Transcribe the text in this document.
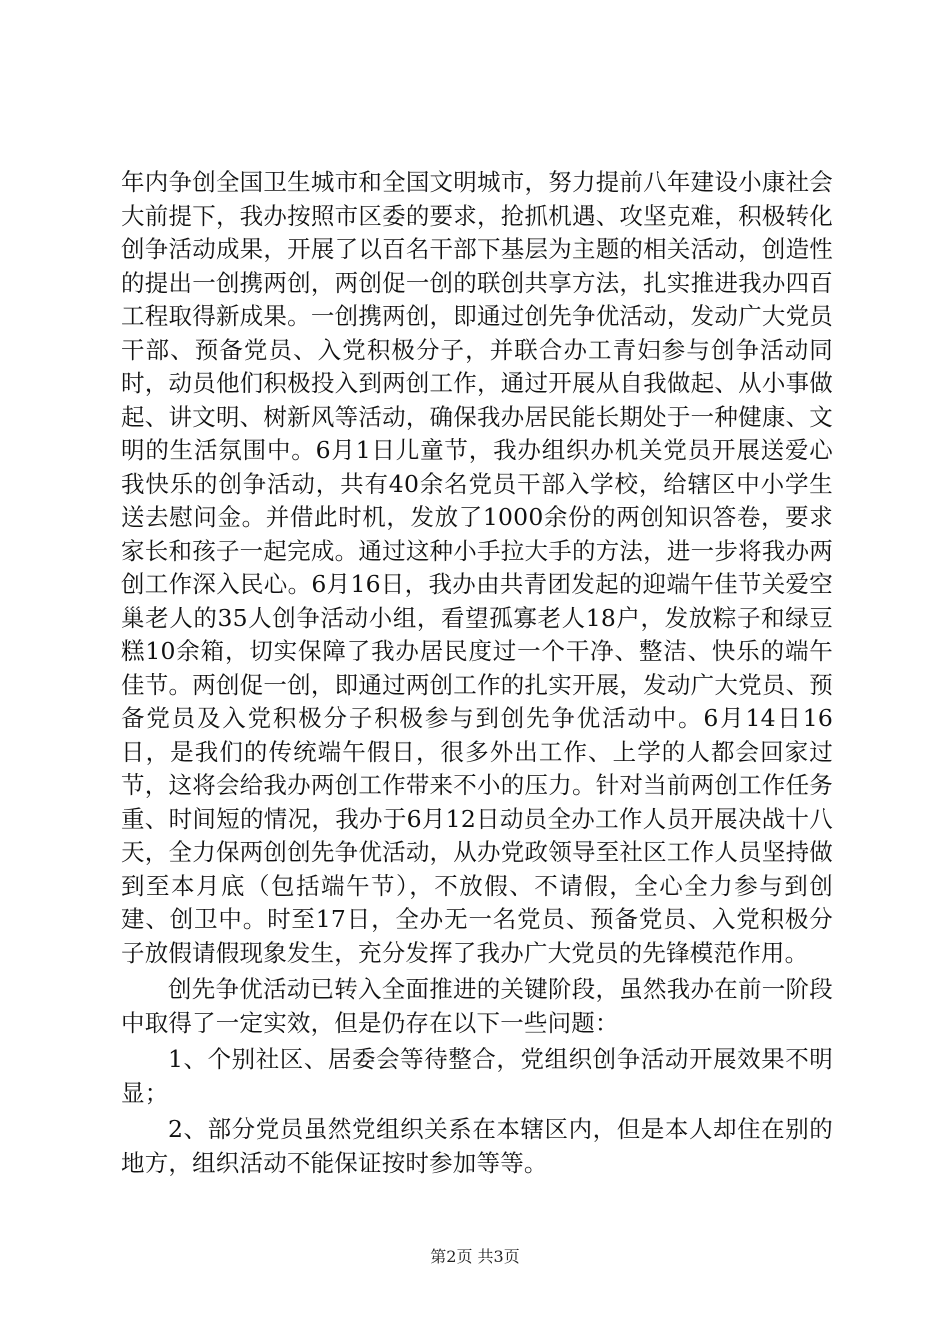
年内争创全国卫生城市和全国文明城市，努力提前八年建设小康社会大前提下，我办按照市区委的要求，抢抓机遇、攻坚克难，积极转化创争活动成果，开展了以百名干部下基层为主题的相关活动，创造性的提出一创携两创，两创促一创的联创共享方法，扎实推进我办四百工程取得新成果。一创携两创，即通过创先争优活动，发动广大党员干部、预备党员、入党积极分子，并联合办工青妇参与创争活动同时，动员他们积极投入到两创工作，通过开展从自我做起、从小事做起、讲文明、树新风等活动，确保我办居民能长期处于一种健康、文明的生活氛围中。6月1日儿童节，我办组织办机关党员开展送爱心我快乐的创争活动，共有40余名党员干部入学校，给辖区中小学生送去慰问金。并借此时机，发放了1000余份的两创知识答卷，要求家长和孩子一起完成。通过这种小手拉大手的方法，进一步将我办两创工作深入民心。6月16日，我办由共青团发起的迎端午佳节关爱空巢老人的35人创争活动小组，看望孤寡老人18户，发放粽子和绿豆糕10余箱，切实保障了我办居民度过一个干净、整洁、快乐的端午佳节。两创促一创，即通过两创工作的扎实开展，发动广大党员、预备党员及入党积极分子积极参与到创先争优活动中。6月14日16日，是我们的传统端午假日，很多外出工作、上学的人都会回家过节，这将会给我办两创工作带来不小的压力。针对当前两创工作任务重、时间短的情况，我办于6月12日动员全办工作人员开展决战十八天，全力保两创创先争优活动，从办党政领导至社区工作人员坚持做到至本月底（包括端午节），不放假、不请假，全心全力参与到创建、创卫中。时至17日，全办无一名党员、预备党员、入党积极分子放假请假现象发生，充分发挥了我办广大党员的先锋模范作用。

创先争优活动已转入全面推进的关键阶段，虽然我办在前一阶段中取得了一定实效，但是仍存在以下一些问题：

1、个别社区、居委会等待整合，党组织创争活动开展效果不明显；

2、部分党员虽然党组织关系在本辖区内，但是本人却住在别的地方，组织活动不能保证按时参加等等。

第2页 共3页
